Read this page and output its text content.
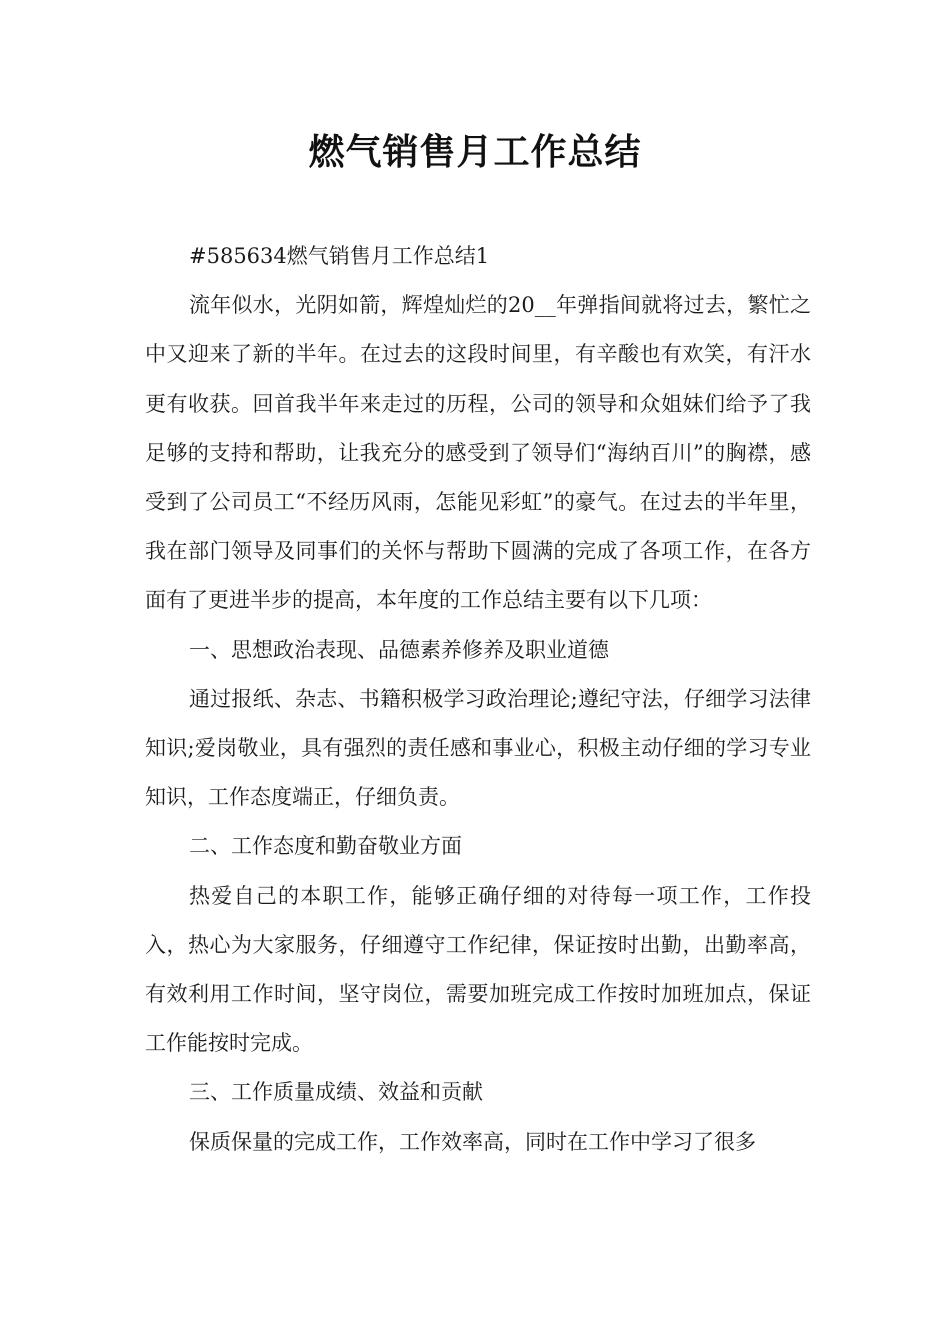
燃气销售月工作总结

#585634燃气销售月工作总结1

流年似水，光阴如箭，辉煌灿烂的20__年弹指间就将过去，繁忙之中又迎来了新的半年。在过去的这段时间里，有辛酸也有欢笑，有汗水更有收获。回首我半年来走过的历程，公司的领导和众姐妹们给予了我足够的支持和帮助，让我充分的感受到了领导们“海纳百川”的胸襟，感受到了公司员工“不经历风雨，怎能见彩虹”的豪气。在过去的半年里，我在部门领导及同事们的关怀与帮助下圆满的完成了各项工作，在各方面有了更进半步的提高，本年度的工作总结主要有以下几项：

一、思想政治表现、品德素养修养及职业道德

通过报纸、杂志、书籍积极学习政治理论;遵纪守法，仔细学习法律知识;爱岗敬业，具有强烈的责任感和事业心，积极主动仔细的学习专业知识，工作态度端正，仔细负责。

二、工作态度和勤奋敬业方面

热爱自己的本职工作，能够正确仔细的对待每一项工作，工作投入，热心为大家服务，仔细遵守工作纪律，保证按时出勤，出勤率高，有效利用工作时间，坚守岗位，需要加班完成工作按时加班加点，保证工作能按时完成。

三、工作质量成绩、效益和贡献

保质保量的完成工作，工作效率高，同时在工作中学习了很多
